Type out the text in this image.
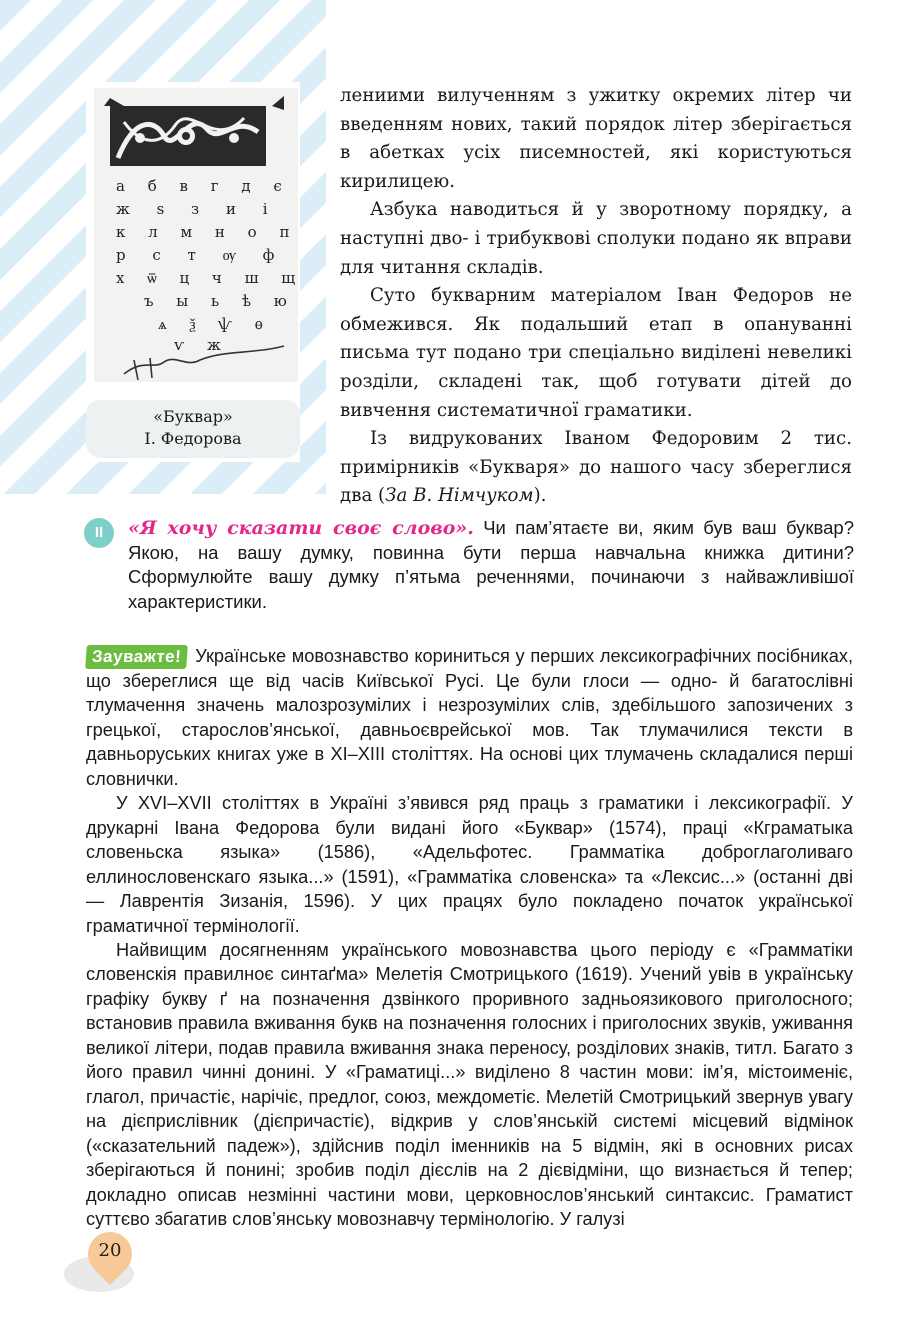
а б в г д є
ж ѕ з и і
к л м н о п
р с т ѹ ф
х ѿ ц ч ш щ
ъ ы ь ѣ ю
ѧ ѯ ѱ ѳ
ѵ ж
«Буквар»
І. Федорова

лениими вилученням з ужитку окремих літер чи введенням нових, такий порядок літер зберігається в абетках усіх писемностей, які користуються кирилицею.

Азбука наводиться й у зворотному порядку, а наступні дво- і трибуквові сполуки подано як вправи для читання складів.

Суто букварним матеріалом Іван Федоров не обмежився. Як подальший етап в опануванні письма тут подано три спеціально виділені невеликі розділи, складені так, щоб готувати дітей до вивчення систематичної граматики.

Із видрукованих Іваном Федоровим 2 тис. примірників «Букваря» до нашого часу збереглися два (За В. Німчуком).

II	«Я хочу сказати своє слово». Чи пам’ятаєте ви, яким був ваш буквар? Якою, на вашу думку, повинна бути перша навчальна книжка дитини? Сформулюйте вашу думку п’ятьма реченнями, починаючи з найважливішої характеристики.

Зауважте! Українське мовознавство кориниться у перших лексикографічних посібниках, що збереглися ще від часів Київської Русі. Це були глоси — одно- й багатослівні тлумачення значень малозрозумілих і незрозумілих слів, здебільшого запозичених з грецької, старослов’янської, давньоєврейської мов. Так тлумачилися тексти в давньоруських книгах уже в XI–XIII століттях. На основі цих тлумачень складалися перші словнички.

У XVI–XVII століттях в Україні з’явився ряд праць з граматики і лексикографії. У друкарні Івана Федорова були видані його «Буквар» (1574), праці «Кграматыка словеньска языка» (1586), «Адельфотес. Грамматіка доброглаголиваго еллинословенскаго языка...» (1591), «Грамматіка словенска» та «Лексис...» (останні дві — Лаврентія Зизанія, 1596). У цих працях було покладено початок української граматичної термінології.

Найвищим досягненням українського мовознавства цього періоду є «Грамматіки словенскія правилноє синтаґма» Мелетія Смотрицького (1619). Учений увів в українську графіку букву ґ на позначення дзвінкого проривного задньоязикового приголосного; встановив правила вживання букв на позначення голосних і приголосних звуків, уживання великої літери, подав правила вживання знака переносу, розділових знаків, титл. Багато з його правил чинні донині. У «Граматиці...» виділено 8 частин мови: ім’я, містоименіє, глагол, причастіє, нарічіє, предлог, союз, междометіє. Мелетій Смотрицький звернув увагу на дієприслівник (дієпричастіє), відкрив у слов’янській системі місцевий відмінок («сказательний падеж»), здійснив поділ іменників на 5 відмін, які в основних рисах зберігаються й понині; зробив поділ дієслів на 2 дієвідміни, що визнається й тепер; докладно описав незмінні частини мови, церковнослов’янський синтаксис. Граматист суттєво збагатив слов’янську мовознавчу термінологію. У галузі

20
